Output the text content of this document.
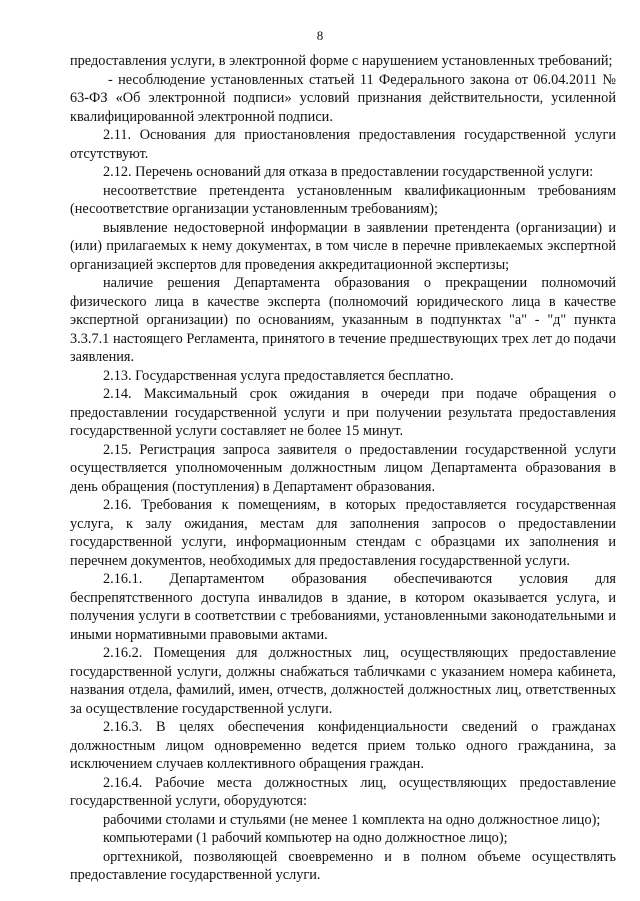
8

предоставления услуги, в электронной форме с нарушением установленных требований;

- несоблюдение установленных статьей 11 Федерального закона от 06.04.2011 № 63-ФЗ «Об электронной подписи» условий признания действительности, усиленной квалифицированной электронной подписи.

2.11. Основания для приостановления предоставления государственной услуги отсутствуют.

2.12. Перечень оснований для отказа в предоставлении государственной услуги:

несоответствие претендента установленным квалификационным требованиям (несоответствие организации установленным требованиям);

выявление недостоверной информации в заявлении претендента (организации) и (или) прилагаемых к нему документах, в том числе в перечне привлекаемых экспертной организацией экспертов для проведения аккредитационной экспертизы;

наличие решения Департамента образования о прекращении полномочий физического лица в качестве эксперта (полномочий юридического лица в качестве экспертной организации) по основаниям, указанным в подпунктах "а" - "д" пункта 3.3.7.1 настоящего Регламента, принятого в течение предшествующих трех лет до подачи заявления.

2.13. Государственная услуга предоставляется бесплатно.

2.14. Максимальный срок ожидания в очереди при подаче обращения о предоставлении государственной услуги и при получении результата предоставления государственной услуги составляет не более 15 минут.

2.15. Регистрация запроса заявителя о предоставлении государственной услуги осуществляется уполномоченным должностным лицом Департамента образования в день обращения (поступления) в Департамент образования.

2.16. Требования к помещениям, в которых предоставляется государственная услуга, к залу ожидания, местам для заполнения запросов о предоставлении государственной услуги, информационным стендам с образцами их заполнения и перечнем документов, необходимых для предоставления государственной услуги.

2.16.1. Департаментом образования обеспечиваются условия для беспрепятственного доступа инвалидов в здание, в котором оказывается услуга, и получения услуги в соответствии с требованиями, установленными законодательными и иными нормативными правовыми актами.

2.16.2. Помещения для должностных лиц, осуществляющих предоставление государственной услуги, должны снабжаться табличками с указанием номера кабинета, названия отдела, фамилий, имен, отчеств, должностей должностных лиц, ответственных за осуществление государственной услуги.

2.16.3. В целях обеспечения конфиденциальности сведений о гражданах должностным лицом одновременно ведется прием только одного гражданина, за исключением случаев коллективного обращения граждан.

2.16.4. Рабочие места должностных лиц, осуществляющих предоставление государственной услуги, оборудуются:

рабочими столами и стульями (не менее 1 комплекта на одно должностное лицо);

компьютерами (1 рабочий компьютер на одно должностное лицо);

оргтехникой, позволяющей своевременно и в полном объеме осуществлять предоставление государственной услуги.
